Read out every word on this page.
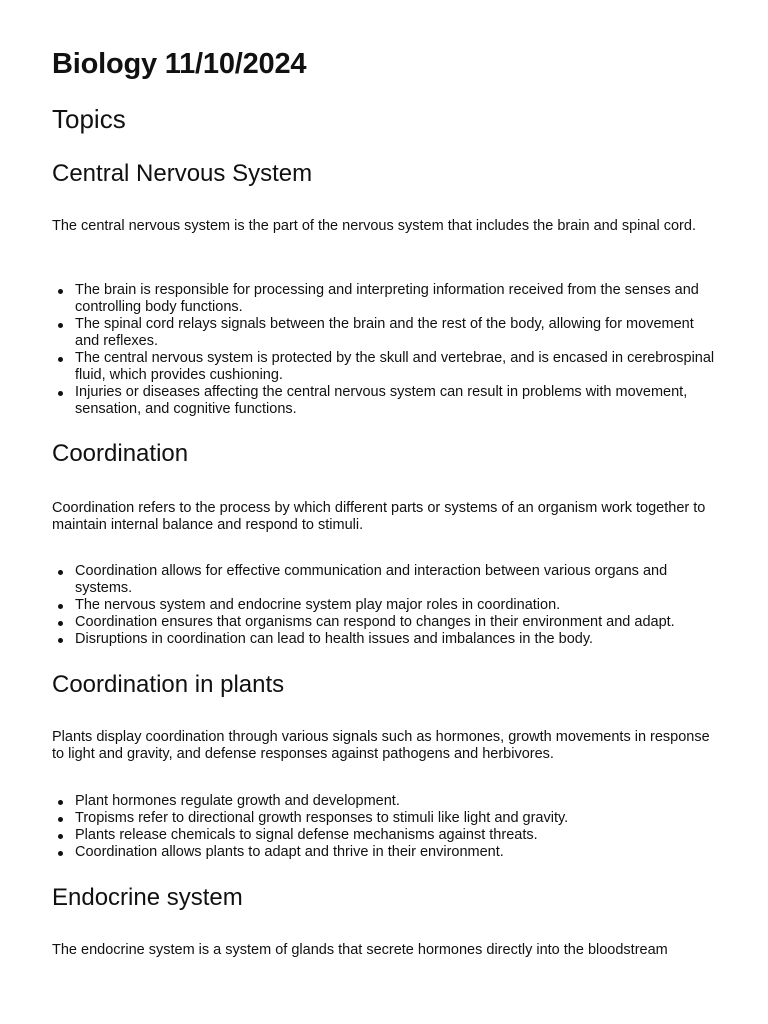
Biology 11/10/2024
Topics
Central Nervous System

The central nervous system is the part of the nervous system that includes the brain and spinal cord.

The brain is responsible for processing and interpreting information received from the senses and controlling body functions.
The spinal cord relays signals between the brain and the rest of the body, allowing for movement and reflexes.
The central nervous system is protected by the skull and vertebrae, and is encased in cerebrospinal fluid, which provides cushioning.
Injuries or diseases affecting the central nervous system can result in problems with movement, sensation, and cognitive functions.
Coordination

Coordination refers to the process by which different parts or systems of an organism work together to maintain internal balance and respond to stimuli.

Coordination allows for effective communication and interaction between various organs and systems.
The nervous system and endocrine system play major roles in coordination.
Coordination ensures that organisms can respond to changes in their environment and adapt.
Disruptions in coordination can lead to health issues and imbalances in the body.
Coordination in plants

Plants display coordination through various signals such as hormones, growth movements in response to light and gravity, and defense responses against pathogens and herbivores.

Plant hormones regulate growth and development.
Tropisms refer to directional growth responses to stimuli like light and gravity.
Plants release chemicals to signal defense mechanisms against threats.
Coordination allows plants to adapt and thrive in their environment.
Endocrine system

The endocrine system is a system of glands that secrete hormones directly into the bloodstream
